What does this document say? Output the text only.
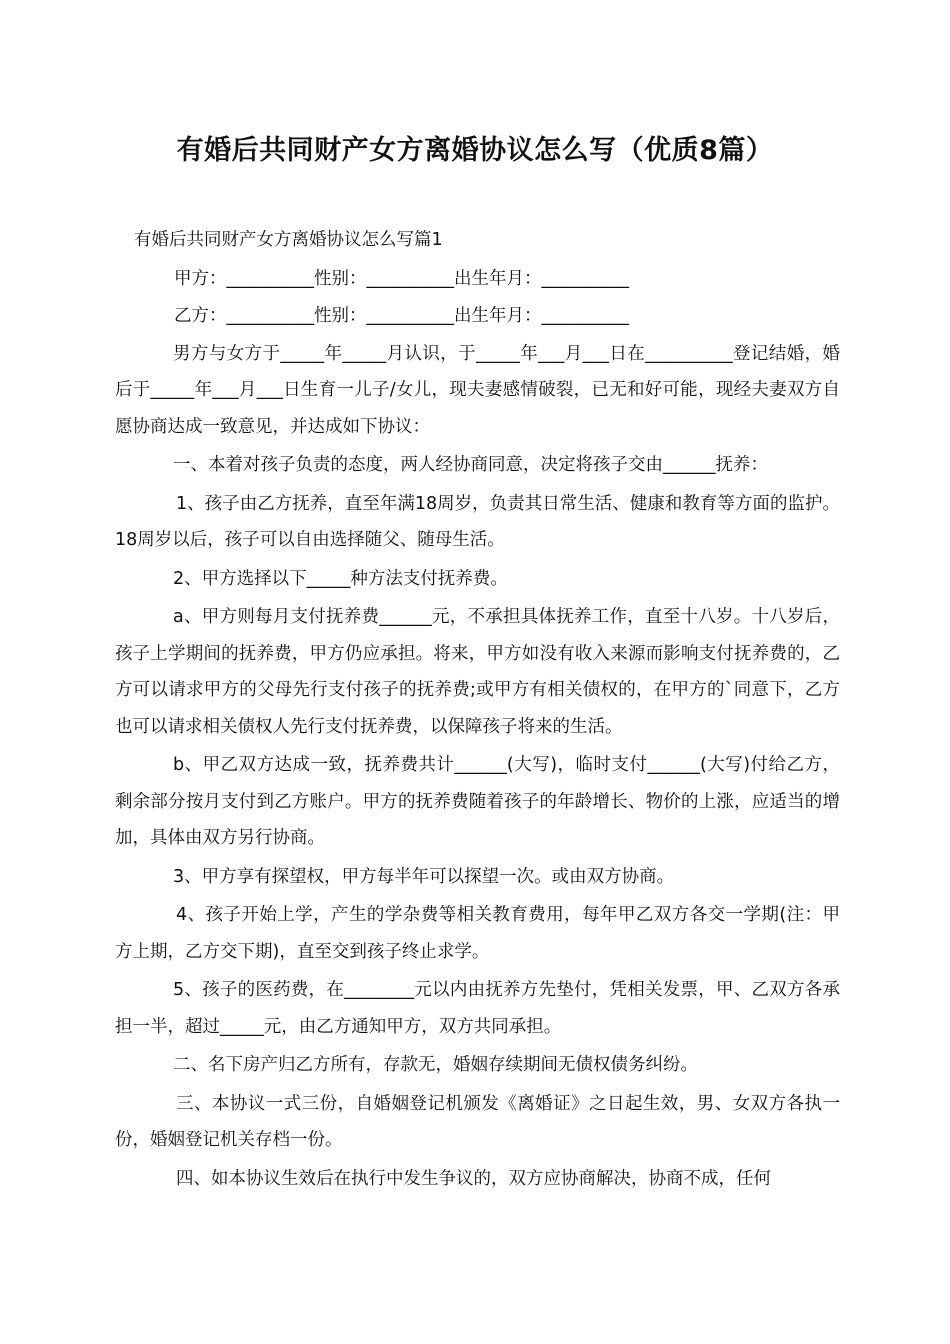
有婚后共同财产女方离婚协议怎么写（优质8篇）

有婚后共同财产女方离婚协议怎么写篇1

甲方：__________性别：__________出生年月：__________

乙方：__________性别：__________出生年月：__________

男方与女方于_____年_____月认识，于_____年___月___日在__________登记结婚，婚后于_____年___月___日生育一儿子/女儿，现夫妻感情破裂，已无和好可能，现经夫妻双方自愿协商达成一致意见，并达成如下协议：

一、本着对孩子负责的态度，两人经协商同意，决定将孩子交由______抚养：

1、孩子由乙方抚养，直至年满18周岁，负责其日常生活、健康和教育等方面的监护。18周岁以后，孩子可以自由选择随父、随母生活。

2、甲方选择以下_____种方法支付抚养费。

a、甲方则每月支付抚养费______元，不承担具体抚养工作，直至十八岁。十八岁后，孩子上学期间的抚养费，甲方仍应承担。将来，甲方如没有收入来源而影响支付抚养费的，乙方可以请求甲方的父母先行支付孩子的抚养费;或甲方有相关债权的，在甲方的`同意下，乙方也可以请求相关债权人先行支付抚养费，以保障孩子将来的生活。

b、甲乙双方达成一致，抚养费共计______(大写)，临时支付______(大写)付给乙方，剩余部分按月支付到乙方账户。甲方的抚养费随着孩子的年龄增长、物价的上涨，应适当的增加，具体由双方另行协商。

3、甲方享有探望权，甲方每半年可以探望一次。或由双方协商。

4、孩子开始上学，产生的学杂费等相关教育费用，每年甲乙双方各交一学期(注：甲方上期，乙方交下期)，直至交到孩子终止求学。

5、孩子的医药费，在________元以内由抚养方先垫付，凭相关发票，甲、乙双方各承担一半，超过_____元，由乙方通知甲方，双方共同承担。

二、名下房产归乙方所有，存款无，婚姻存续期间无债权债务纠纷。

三、本协议一式三份，自婚姻登记机颁发《离婚证》之日起生效，男、女双方各执一份，婚姻登记机关存档一份。

四、如本协议生效后在执行中发生争议的，双方应协商解决，协商不成，任何
